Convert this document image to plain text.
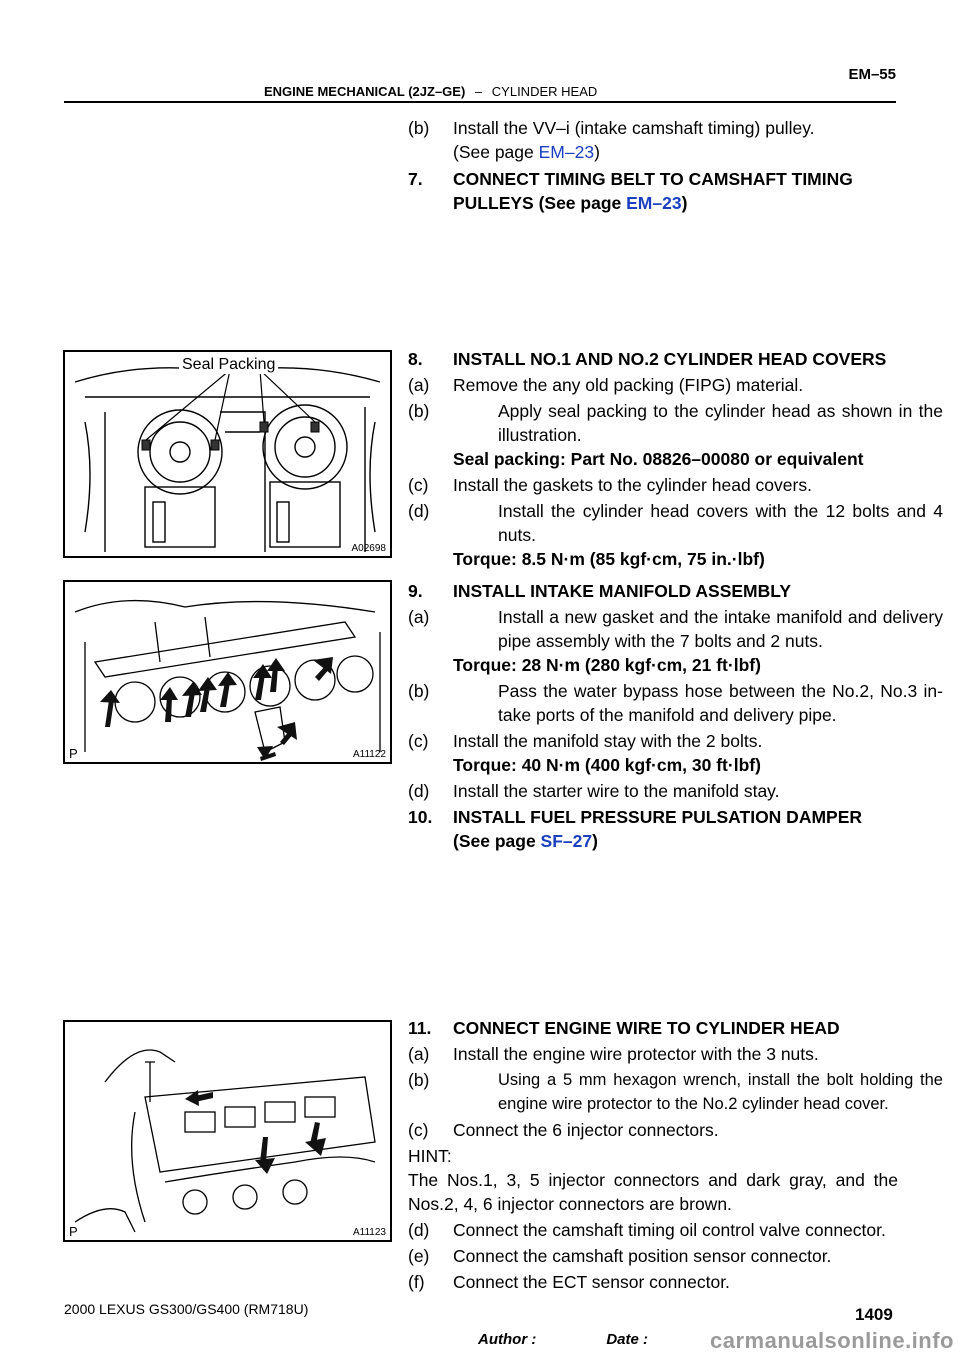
EM–55
ENGINE MECHANICAL (2JZ–GE) – CYLINDER HEAD
(b) Install the VV–i (intake camshaft timing) pulley.
(See page EM–23)
7. CONNECT TIMING BELT TO CAMSHAFT TIMING
PULLEYS (See page EM–23)
8. INSTALL NO.1 AND NO.2 CYLINDER HEAD COVERS
(a) Remove the any old packing (FIPG) material.
(b)	Apply seal packing to the cylinder head as shown in the illustration.
Seal packing: Part No. 08826–00080 or equivalent
(c) Install the gaskets to the cylinder head covers.
(d)	Install the cylinder head covers with the 12 bolts and 4 nuts.
Torque: 8.5 N·m (85 kgf·cm, 75 in.·lbf)
9. INSTALL INTAKE MANIFOLD ASSEMBLY
(a)	Install a new gasket and the intake manifold and delivery pipe assembly with the 7 bolts and 2 nuts.
Torque: 28 N·m (280 kgf·cm, 21 ft·lbf)
(b)	Pass the water bypass hose between the No.2, No.3 in- take ports of the manifold and delivery pipe.
(c) Install the manifold stay with the 2 bolts.
Torque: 40 N·m (400 kgf·cm, 30 ft·lbf)
(d) Install the starter wire to the manifold stay.
10. INSTALL FUEL PRESSURE PULSATION DAMPER
(See page SF–27)
11. CONNECT ENGINE WIRE TO CYLINDER HEAD
(a) Install the engine wire protector with the 3 nuts.
(b)	Using a 5 mm hexagon wrench, install the bolt holding the engine wire protector to the No.2 cylinder head cover.
(c) Connect the 6 injector connectors.
HINT:
The Nos.1, 3, 5 injector connectors and dark gray, and the Nos.2, 4, 6 injector connectors are brown.
(d) Connect the camshaft timing oil control valve connector.
(e) Connect the camshaft position sensor connector.
(f) Connect the ECT sensor connector.
Seal Packing
A02698
P	A11122
P	A11123
2000 LEXUS GS300/GS400 (RM718U)	1409
Author :	Date :	carmanualsonline.info
